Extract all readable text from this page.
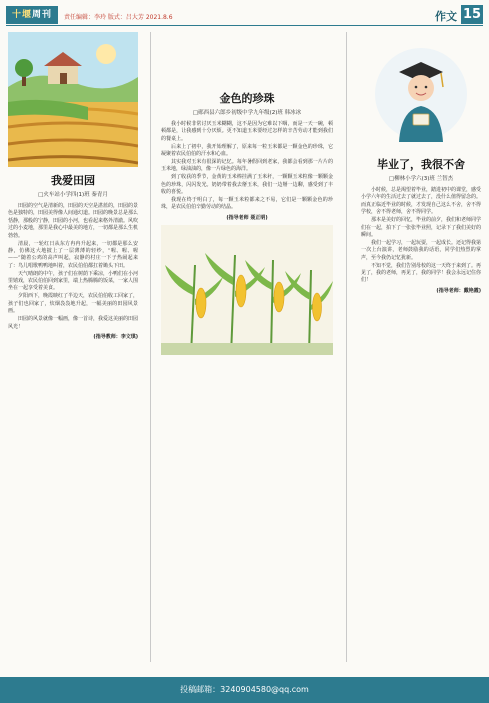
十堰周刊	责任编辑：李玲 版式：吕大芳 2021.8.6	作文 15
我爱田园
□火车站小学四(1)班 秦青月

田园的空气是清新的，田园的天空是湛蓝的，田园的景色是独特的，田园美得像人间通幻道。田园的晚景总是那么恬静，那般的宁静，田园的小河，也看起来格外清澈。风吹过的小麦地，那里是我心中最美的地方，一切都是那么生机勃勃。

清晨，一轮红日从东方冉冉升起来，一切都是那么安静，仿佛这大地披上了一层薄薄的轻纱，“喔、喔、喔——”随着公鸡的高声叫起，寂静的村庄一下子热闹起来了：鸟儿唱歌鸭鸭地叫着，农民伯伯都扛着锄头下田。

天气晴朗的中午，孩子们在树荫下乘凉，小鸭们在小河里嬉戏，农民伯伯回到家里，端上热腾腾的饭菜，一家人围坐在一起享受着美食。

夕阳西下，晚霞映红了半边天，农民伯伯收工回家了，孩子们也回家了，炊烟袅袅地升起，一幅美丽的田园风景画。

田园的风景就像一幅画，像一首诗，我爱这美丽的田园风光！

(指导教师：李文琪)
金色的珍珠
□郧西县六郎乡初级中学九年级(2)班 韩冰冰

我小时候非常讨厌玉米糊糊，这不是因为它难以下咽，而是一天一碗，顿顿都是，让我感到十分厌烦。更不知道玉米要经过怎样的辛苦劳动才能到我们的餐桌上。

后来上了初中，我开始理解了，原来每一粒玉米都是一颗金色的珍珠，它凝聚着农民伯伯的汗水和心血。

其实我对玉米有很深的记忆。每年暑假回到老家，我都会看到那一片片的玉米地，绿油油的，像一片绿色的海洋。

到了收获的季节，金黄的玉米棒挂满了玉米秆，一颗颗玉米粒像一颗颗金色的珍珠，闪闪发光。奶奶带着我去掰玉米，我们一边掰一边聊，感受到了丰收的喜悦。

我现在终于明白了，每一颗玉米粒都来之不易，它们是一颗颗金色的珍珠，是农民伯伯辛勤劳动的结晶。

(指导老师 聂正明)
毕业了，我很不舍
□柳林小学六(3)班 兰智杰

小时候，总是渴望着毕业，踏进初中的课堂，感受小学六年的生活过去了就过去了，没什么值得留念的。而真正临近毕业的时候，才发现自己这么不舍，舍不得学校，舍不得老师，舍不得同学。

那本是美好的回忆，毕业的前夕，我们和老师同学们在一起，拍下了一张张毕业照，记录下了我们美好的瞬间。

我们一起学习，一起玩耍，一起成长。还记得我第一次上台演讲，老师鼓励我的话语，同学们热烈的掌声，至今我仍记忆犹新。

不知不觉，我们告别母校的这一天终于来到了。再见了，我的老师，再见了，我的同学！我会永远记住你们！

(指导老师：戴艳霞)
投稿邮箱：3240904580@qq.com
